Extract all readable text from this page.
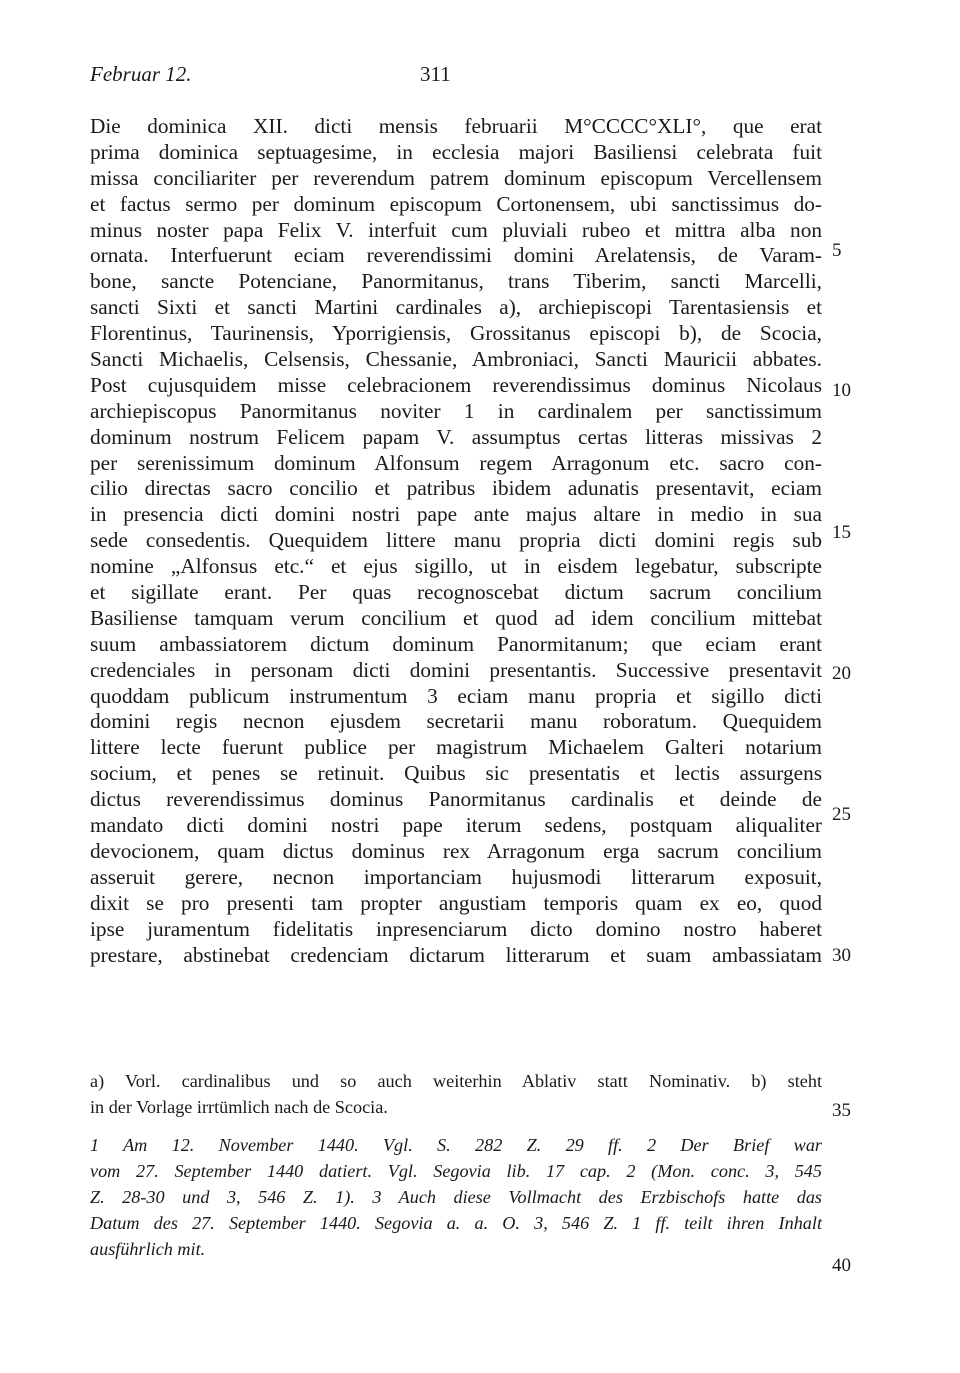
Februar 12.	311
Die dominica XII. dicti mensis februarii M°CCCC°XLI°, que erat
prima dominica septuagesime, in ecclesia majori Basiliensi celebrata fuit
missa conciliariter per reverendum patrem dominum episcopum Vercellensem
et factus sermo per dominum episcopum Cortonensem, ubi sanctissimus do-
minus noster papa Felix V. interfuit cum pluviali rubeo et mittra alba non
ornata. Interfuerunt eciam reverendissimi domini Arelatensis, de Varam-
bone, sancte Potenciane, Panormitanus, trans Tiberim, sancti Marcelli,
sancti Sixti et sancti Martini cardinales a), archiepiscopi Tarentasiensis et
Florentinus, Taurinensis, Yporrigiensis, Grossitanus episcopi b), de Scocia,
Sancti Michaelis, Celsensis, Chessanie, Ambroniaci, Sancti Mauricii abbates.
Post cujusquidem misse celebracionem reverendissimus dominus Nicolaus
archiepiscopus Panormitanus noviter 1 in cardinalem per sanctissimum
dominum nostrum Felicem papam V. assumptus certas litteras missivas 2
per serenissimum dominum Alfonsum regem Arragonum etc. sacro con-
cilio directas sacro concilio et patribus ibidem adunatis presentavit, eciam
in presencia dicti domini nostri pape ante majus altare in medio in sua
sede consedentis. Quequidem littere manu propria dicti domini regis sub
nomine „Alfonsus etc.“ et ejus sigillo, ut in eisdem legebatur, subscripte
et sigillate erant. Per quas recognoscebat dictum sacrum concilium
Basiliense tamquam verum concilium et quod ad idem concilium mittebat
suum ambassiatorem dictum dominum Panormitanum; que eciam erant
credenciales in personam dicti domini presentantis. Successive presentavit
quoddam publicum instrumentum 3 eciam manu propria et sigillo dicti
domini regis necnon ejusdem secretarii manu roboratum. Quequidem
littere lecte fuerunt publice per magistrum Michaelem Galteri notarium
socium, et penes se retinuit. Quibus sic presentatis et lectis assurgens
dictus reverendissimus dominus Panormitanus cardinalis et deinde de
mandato dicti domini nostri pape iterum sedens, postquam aliqualiter
devocionem, quam dictus dominus rex Arragonum erga sacrum concilium
asseruit gerere, necnon importanciam hujusmodi litterarum exposuit,
dixit se pro presenti tam propter angustiam temporis quam ex eo, quod
ipse juramentum fidelitatis inpresenciarum dicto domino nostro haberet
prestare, abstinebat credenciam dictarum litterarum et suam ambassiatam
5
10
15
20
25
30
35
40
a) Vorl. cardinalibus und so auch weiterhin Ablativ statt Nominativ. b) steht
in der Vorlage irrtümlich nach de Scocia.
1 Am 12. November 1440. Vgl. S. 282 Z. 29 ff. 2 Der Brief war
vom 27. September 1440 datiert. Vgl. Segovia lib. 17 cap. 2 (Mon. conc. 3, 545
Z. 28-30 und 3, 546 Z. 1). 3 Auch diese Vollmacht des Erzbischofs hatte das
Datum des 27. September 1440. Segovia a. a. O. 3, 546 Z. 1 ff. teilt ihren Inhalt
ausführlich mit.
